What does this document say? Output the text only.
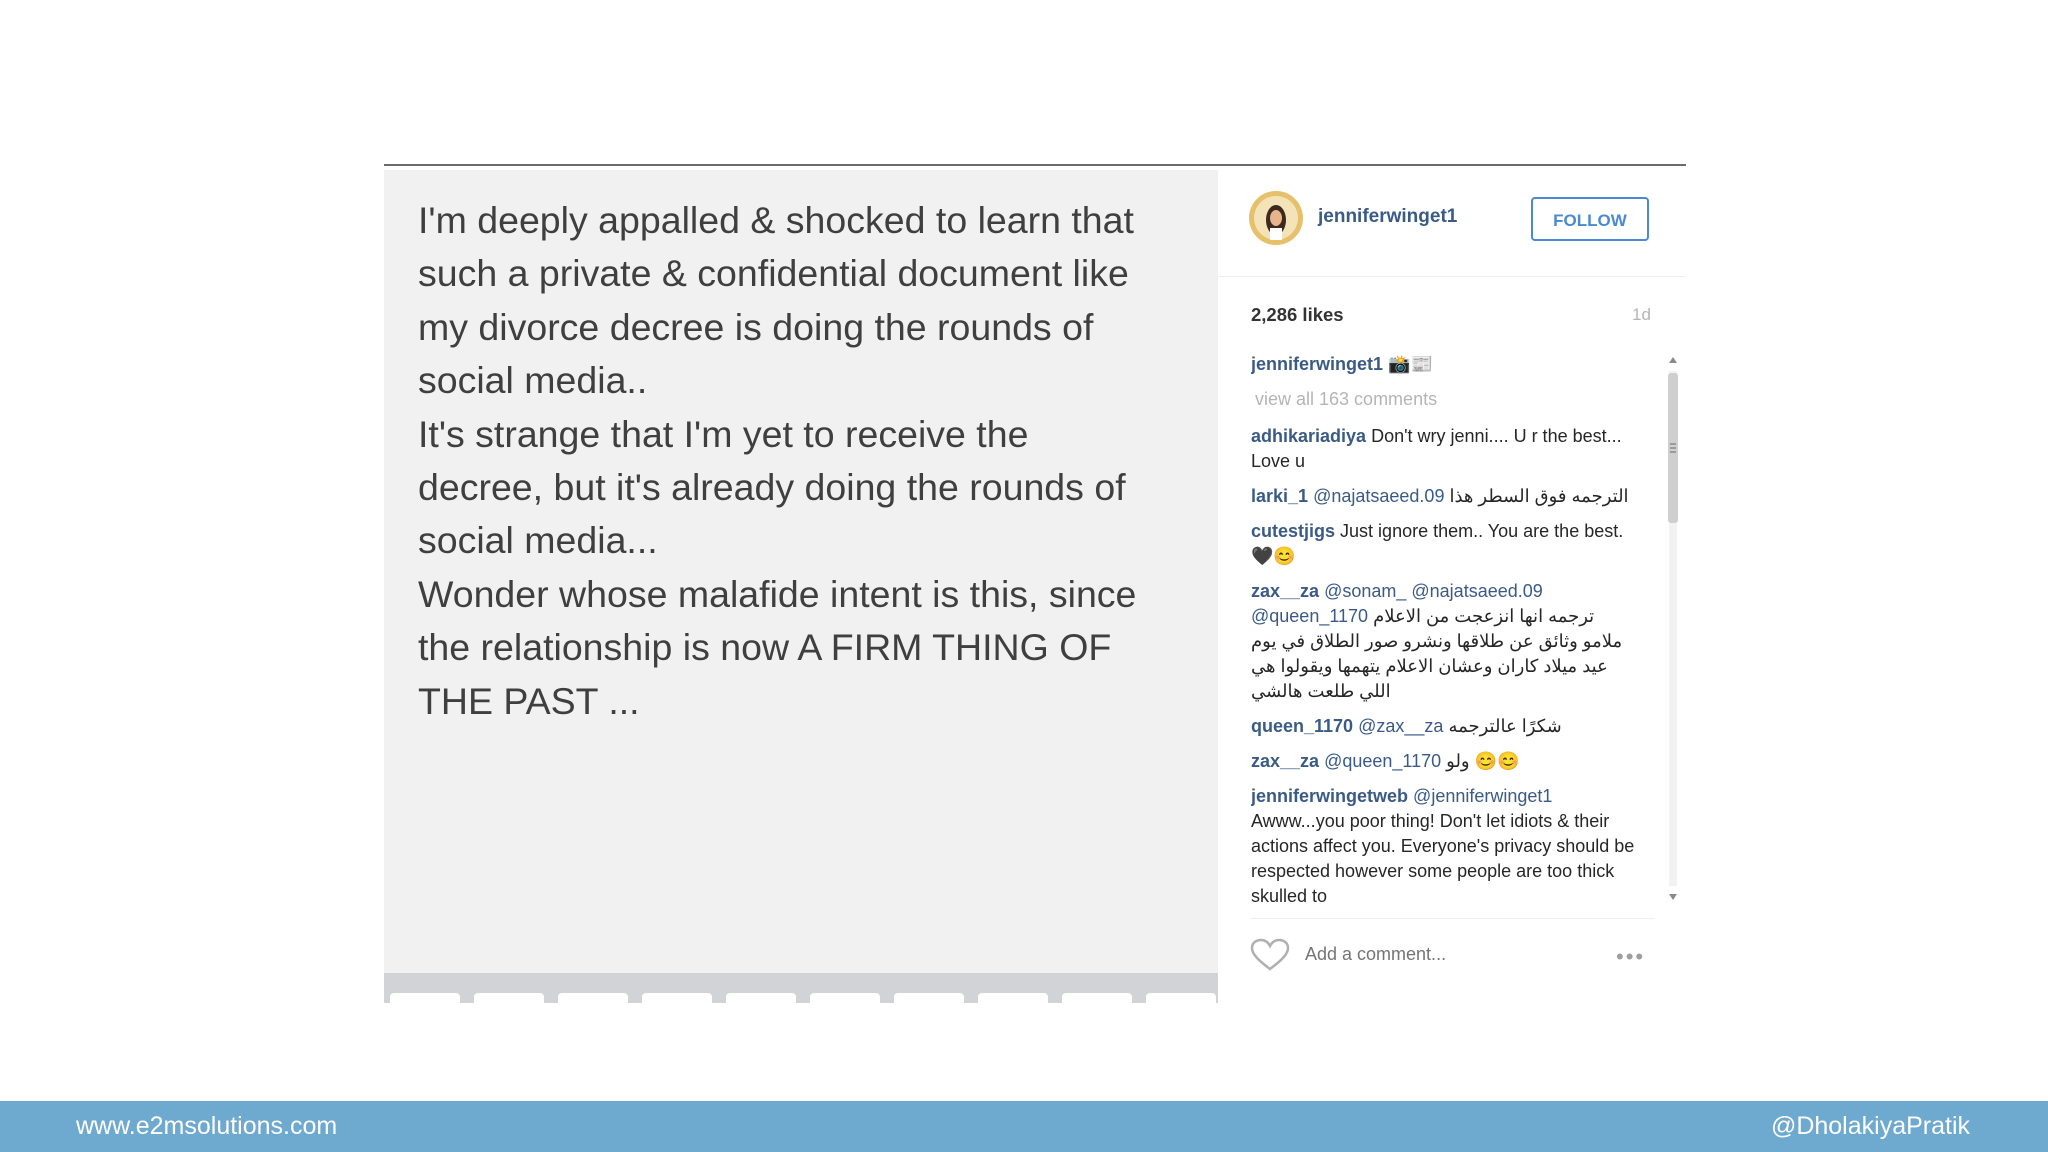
I'm deeply appalled & shocked to learn that
such a private & confidential document like
my divorce decree is doing the rounds of
social media..
It's strange that I'm yet to receive the
decree, but it's already doing the rounds of
social media...
Wonder whose malafide intent is this, since
the relationship is now A FIRM THING OF
THE PAST ...
jenniferwinget1	FOLLOW
2,286 likes	1d
jenniferwinget1 📸📰
view all 163 comments
adhikariadiya Don't wry jenni.... U r the best... Love u
larki_1 @najatsaeed.09 الترجمه فوق السطر هذا
cutestjigs Just ignore them.. You are the best. 🖤😊
zax__za @sonam_ @najatsaeed.09 @queen_1170 ترجمه انها انزعجت من الاعلام ملامو وثائق عن طلاقها ونشرو صور الطلاق في يوم عيد ميلاد كاران وعشان الاعلام يتهمها ويقولوا هي اللي طلعت هالشي
queen_1170 @zax__za شكرًا عالترجمه
zax__za @queen_1170 ولو 😊😊
jenniferwingetweb @jenniferwinget1 Awww...you poor thing! Don't let idiots & their actions affect you. Everyone's privacy should be respected however some people are too thick skulled to
Add a comment...
•••
www.e2msolutions.com	@DholakiyaPratik
